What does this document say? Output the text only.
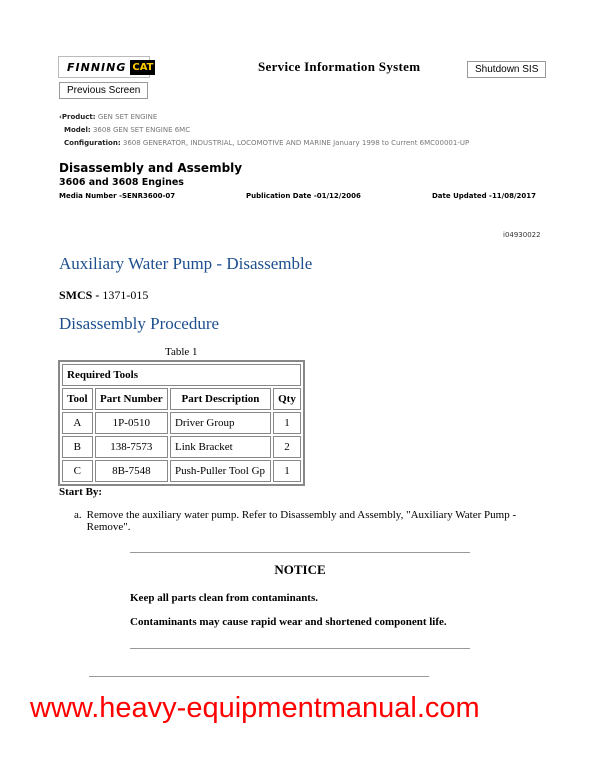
FINNING CAT	Service Information System	Shutdown SIS
Previous Screen
‹Product: GEN SET ENGINE
Model: 3608 GEN SET ENGINE 6MC
Configuration: 3608 GENERATOR, INDUSTRIAL, LOCOMOTIVE AND MARINE January 1998 to Current 6MC00001-UP
Disassembly and Assembly
3606 and 3608 Engines
Media Number -SENR3600-07	Publication Date -01/12/2006	Date Updated -11/08/2017
i04930022
Auxiliary Water Pump - Disassemble
SMCS - 1371-015
Disassembly Procedure
Table 1
Required Tools			
Tool	Part Number	Part Description	Qty
A	1P-0510	Driver Group	1
B	138-7573	Link Bracket	2
C	8B-7548	Push-Puller Tool Gp	1
Start By:
a. Remove the auxiliary water pump. Refer to Disassembly and Assembly, "Auxiliary Water Pump - Remove".
NOTICE
Keep all parts clean from contaminants.
Contaminants may cause rapid wear and shortened component life.
www.heavy-equipmentmanual.com
